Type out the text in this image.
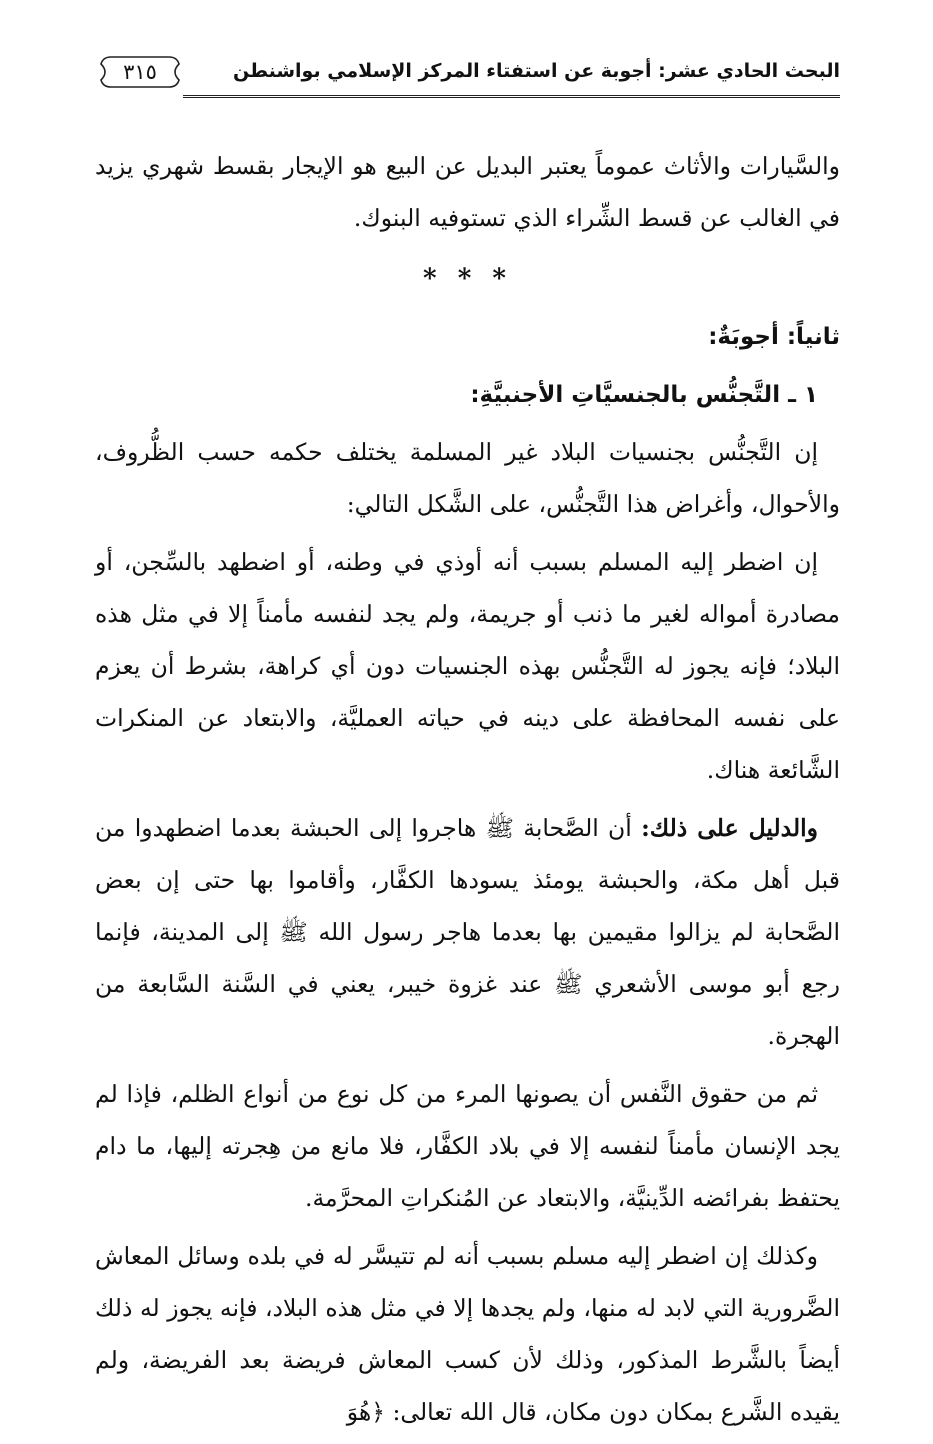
البحث الحادي عشر: أجوبة عن استفتاء المركز الإسلامي بواشنطن
٣١٥

والسَّيارات والأثاث عموماً يعتبر البديل عن البيع هو الإيجار بقسط شهري يزيد في الغالب عن قسط الشِّراء الذي تستوفيه البنوك.

* * *
ثانياً: أجوبَةٌ:
١ ـ التَّجنُّس بالجنسيَّاتِ الأجنبيَّةِ:

إن التَّجنُّس بجنسيات البلاد غير المسلمة يختلف حكمه حسب الظُّروف، والأحوال، وأغراض هذا التَّجنُّس، على الشَّكل التالي:

إن اضطر إليه المسلم بسبب أنه أوذي في وطنه، أو اضطهد بالسِّجن، أو مصادرة أمواله لغير ما ذنب أو جريمة، ولم يجد لنفسه مأمناً إلا في مثل هذه البلاد؛ فإنه يجوز له التَّجنُّس بهذه الجنسيات دون أي كراهة، بشرط أن يعزم على نفسه المحافظة على دينه في حياته العمليَّة، والابتعاد عن المنكرات الشَّائعة هناك.

والدليل على ذلك: أن الصَّحابة ﷺ هاجروا إلى الحبشة بعدما اضطهدوا من قبل أهل مكة، والحبشة يومئذ يسودها الكفَّار، وأقاموا بها حتى إن بعض الصَّحابة لم يزالوا مقيمين بها بعدما هاجر رسول الله ﷺ إلى المدينة، فإنما رجع أبو موسى الأشعري ﷺ عند غزوة خيبر، يعني في السَّنة السَّابعة من الهجرة.

ثم من حقوق النَّفس أن يصونها المرء من كل نوع من أنواع الظلم، فإذا لم يجد الإنسان مأمناً لنفسه إلا في بلاد الكفَّار، فلا مانع من هِجرته إليها، ما دام يحتفظ بفرائضه الدِّينيَّة، والابتعاد عن المُنكراتِ المحرَّمة.

وكذلك إن اضطر إليه مسلم بسبب أنه لم تتيسَّر له في بلده وسائل المعاش الضَّرورية التي لابد له منها، ولم يجدها إلا في مثل هذه البلاد، فإنه يجوز له ذلك أيضاً بالشَّرط المذكور، وذلك لأن كسب المعاش فريضة بعد الفريضة، ولم يقيده الشَّرع بمكان دون مكان، قال الله تعالى: ﴿هُوَ
